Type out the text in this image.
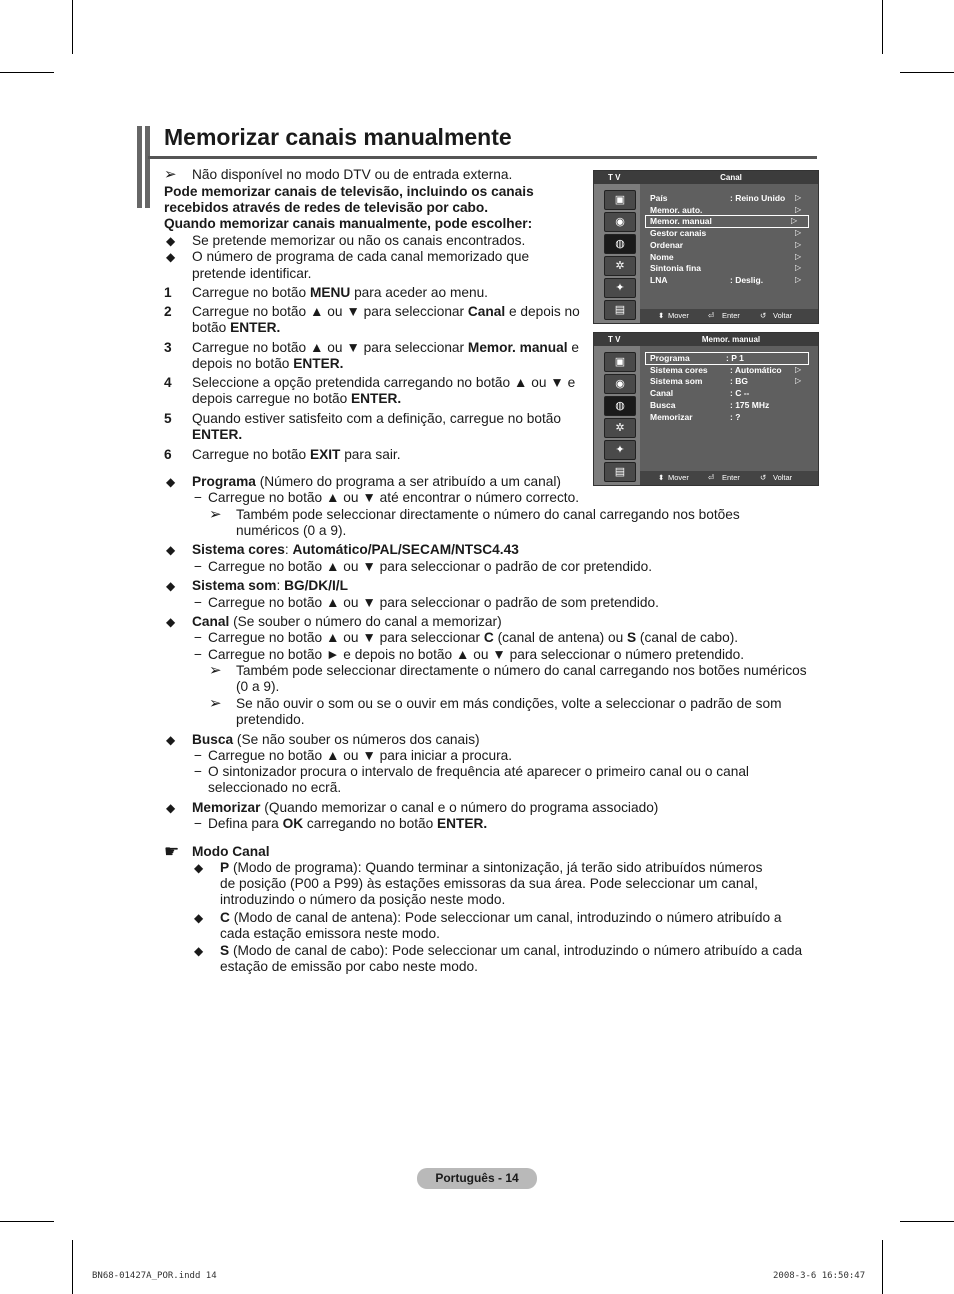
Memorizar canais manualmente
➢ Não disponível no modo DTV ou de entrada externa.
Pode memorizar canais de televisão, incluindo os canais
recebidos através de redes de televisão por cabo.
Quando memorizar canais manualmente, pode escolher:
◆ Se pretende memorizar ou não os canais encontrados.
◆ O número de programa de cada canal memorizado que
pretende identificar.
1 Carregue no botão MENU para aceder ao menu.
2 Carregue no botão ▲ ou ▼ para seleccionar Canal e depois no
botão ENTER.
3 Carregue no botão ▲ ou ▼ para seleccionar Memor. manual e
depois no botão ENTER.
4 Seleccione a opção pretendida carregando no botão ▲ ou ▼ e
depois carregue no botão ENTER.
5 Quando estiver satisfeito com a definição, carregue no botão
ENTER.
6 Carregue no botão EXIT para sair.
T V	Canal
▣
◉
◍
✲
✦
▤
País	: Reino Unido ▷
Memor. auto.	▷
Memor. manual	▷
Gestor canais	▷
Ordenar	▷
Nome	▷
Sintonia fina	▷
LNA	: Deslig.	▷
⬍ Mover	⏎ Enter	↺ Voltar
T V	Memor. manual
▣
◉
◍
✲
✦
▤
Programa	: P 1
Sistema cores	: Automático ▷
Sistema som	: BG	▷
Canal	: C --
Busca	: 175 MHz
Memorizar	: ?
⬍ Mover	⏎ Enter	↺ Voltar
◆ Programa (Número do programa a ser atribuído a um canal)
− Carregue no botão ▲ ou ▼ até encontrar o número correcto.
➢ Também pode seleccionar directamente o número do canal carregando nos botões
numéricos (0 a 9).
◆ Sistema cores: Automático/PAL/SECAM/NTSC4.43
− Carregue no botão ▲ ou ▼ para seleccionar o padrão de cor pretendido.
◆ Sistema som: BG/DK/I/L
− Carregue no botão ▲ ou ▼ para seleccionar o padrão de som pretendido.
◆ Canal (Se souber o número do canal a memorizar)
− Carregue no botão ▲ ou ▼ para seleccionar C (canal de antena) ou S (canal de cabo).
− Carregue no botão ► e depois no botão ▲ ou ▼ para seleccionar o número pretendido.
➢ Também pode seleccionar directamente o número do canal carregando nos botões numéricos
(0 a 9).
➢ Se não ouvir o som ou se o ouvir em más condições, volte a seleccionar o padrão de som
pretendido.
◆ Busca (Se não souber os números dos canais)
− Carregue no botão ▲ ou ▼ para iniciar a procura.
− O sintonizador procura o intervalo de frequência até aparecer o primeiro canal ou o canal
seleccionado no ecrã.
◆ Memorizar (Quando memorizar o canal e o número do programa associado)
− Defina para OK carregando no botão ENTER.
☛ Modo Canal
◆ P (Modo de programa): Quando terminar a sintonização, já terão sido atribuídos números
de posição (P00 a P99) às estações emissoras da sua área. Pode seleccionar um canal,
introduzindo o número da posição neste modo.
◆ C (Modo de canal de antena): Pode seleccionar um canal, introduzindo o número atribuído a
cada estação emissora neste modo.
◆ S (Modo de canal de cabo): Pode seleccionar um canal, introduzindo o número atribuído a cada
estação de emissão por cabo neste modo.
Português - 14
BN68-01427A_POR.indd 14	2008-3-6 16:50:47
